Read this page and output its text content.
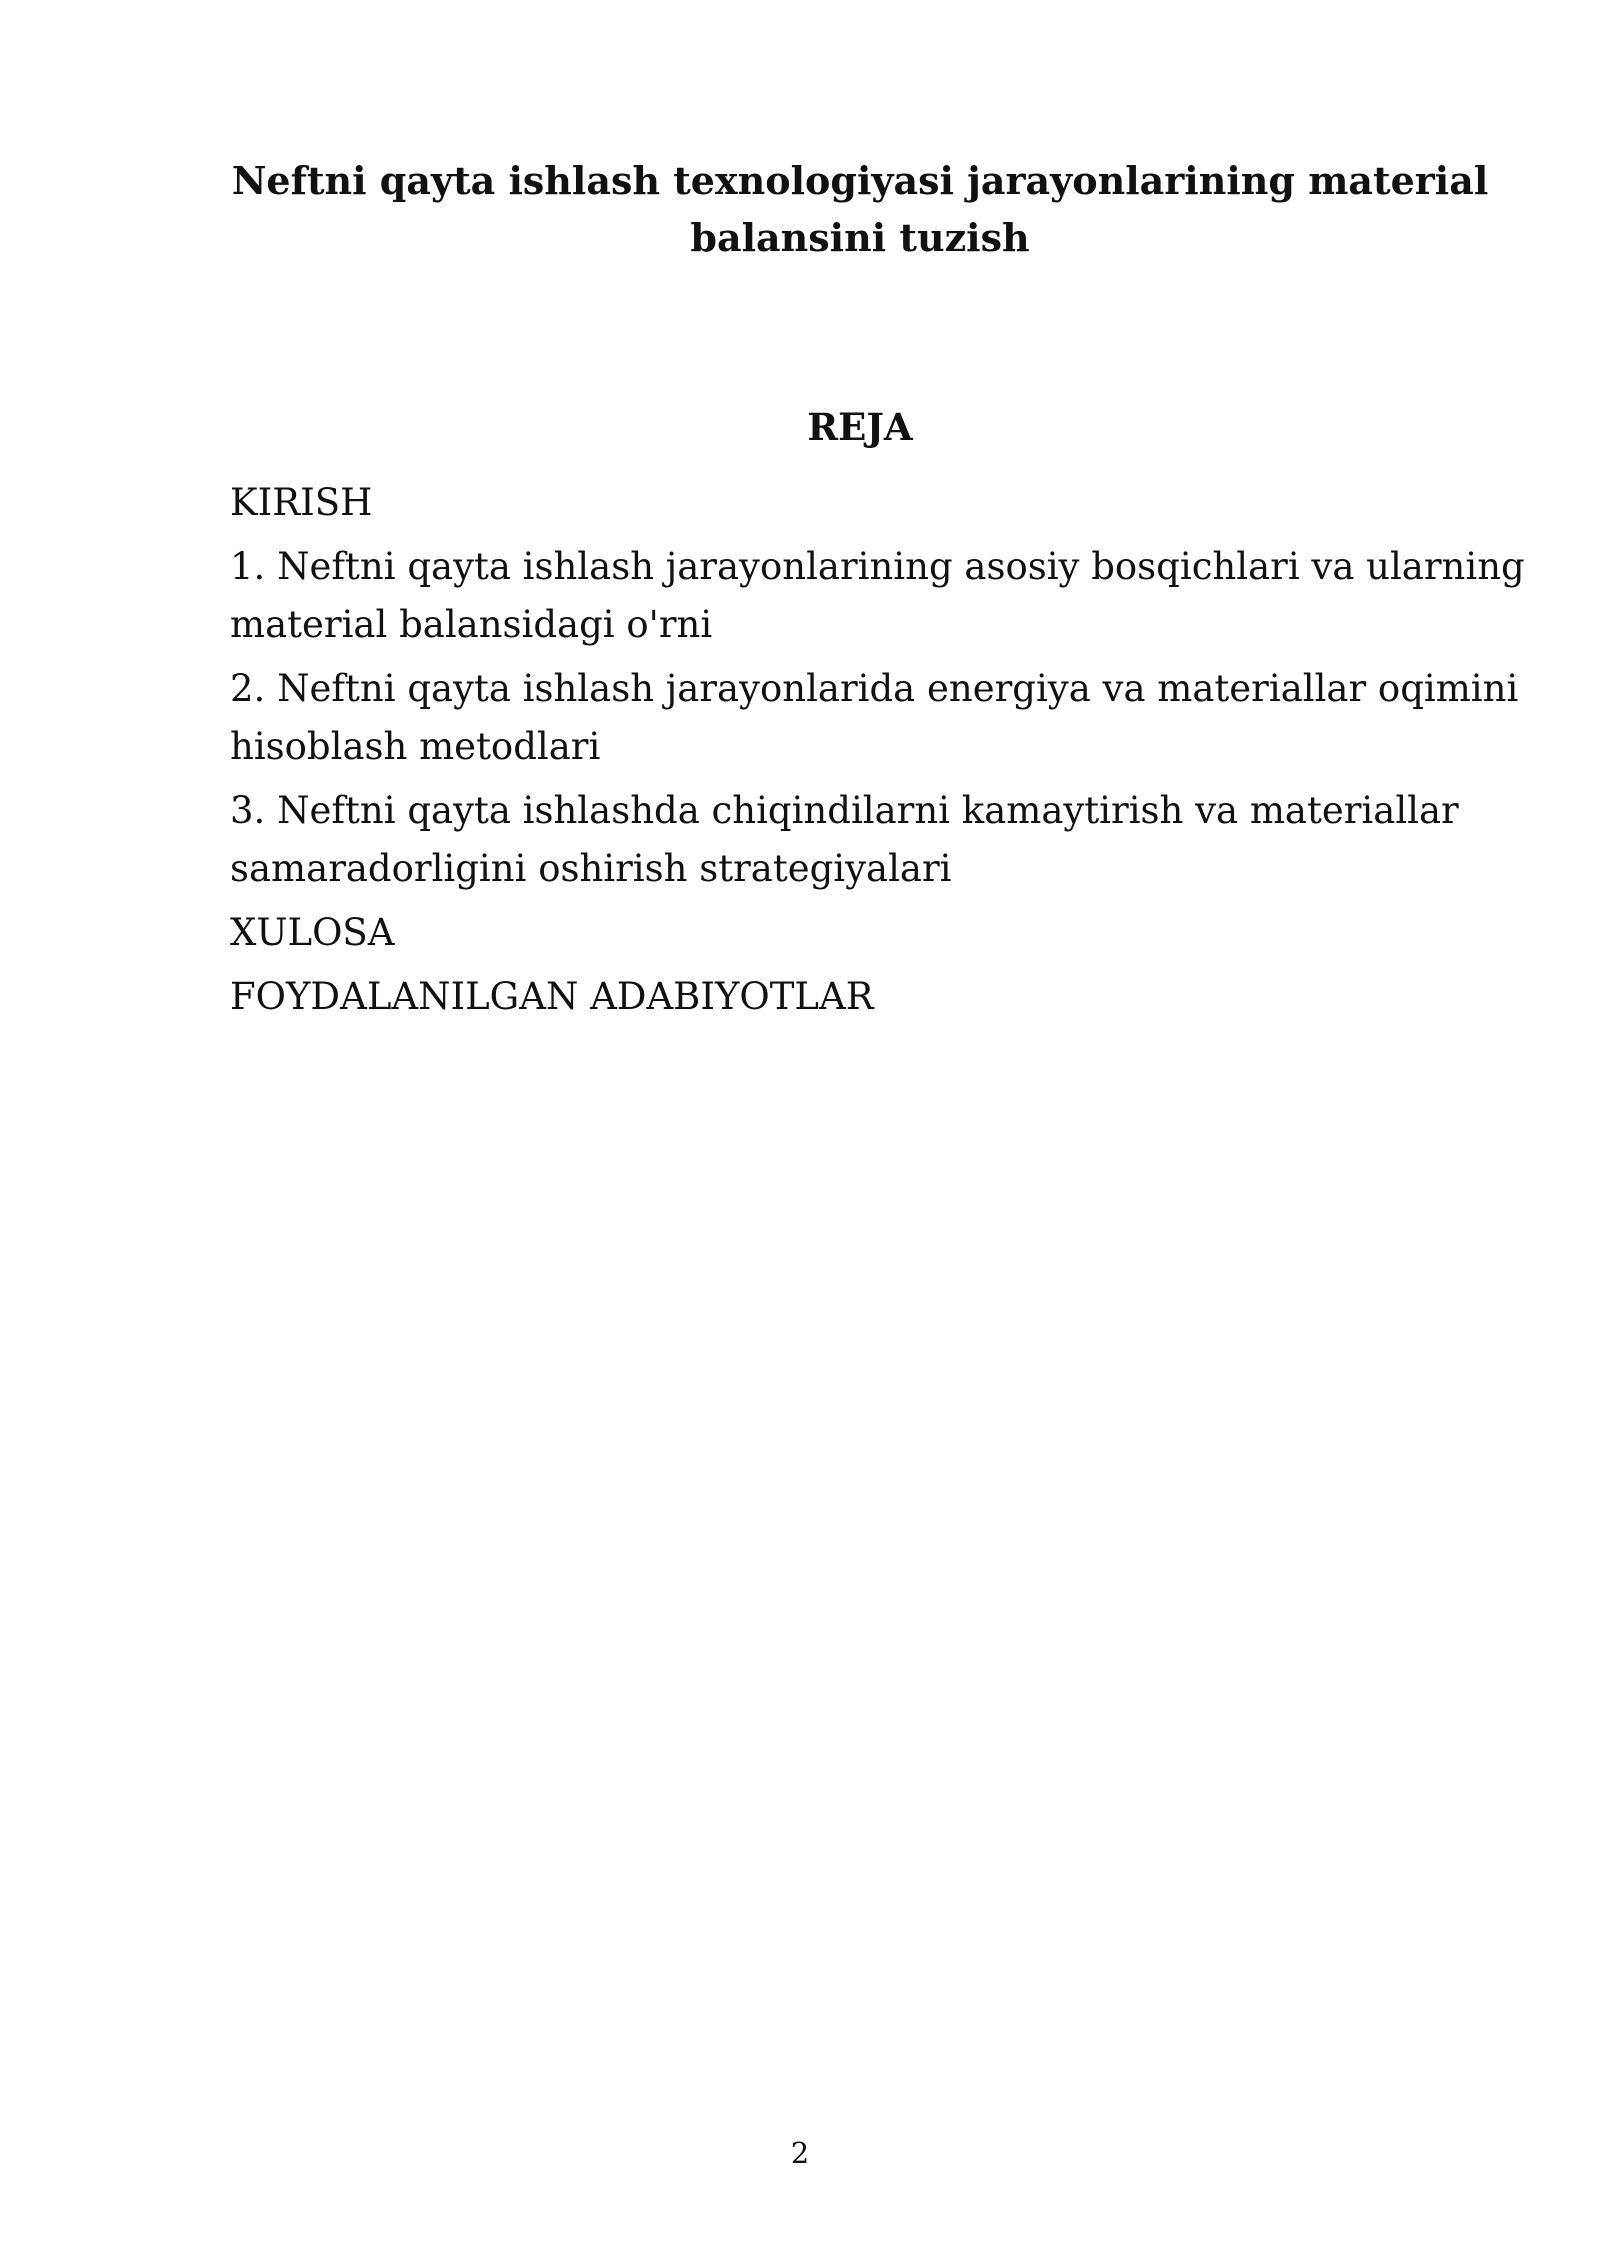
Neftni qayta ishlash texnologiyasi jarayonlarining material balansini tuzish
REJA
KIRISH
1. Neftni qayta ishlash jarayonlarining asosiy bosqichlari va ularning material balansidagi o'rni
2. Neftni qayta ishlash jarayonlarida energiya va materiallar oqimini hisoblash metodlari
3. Neftni qayta ishlashda chiqindilarni kamaytirish va materiallar samaradorligini oshirish strategiyalari
XULOSA
FOYDALANILGAN ADABIYOTLAR
2
